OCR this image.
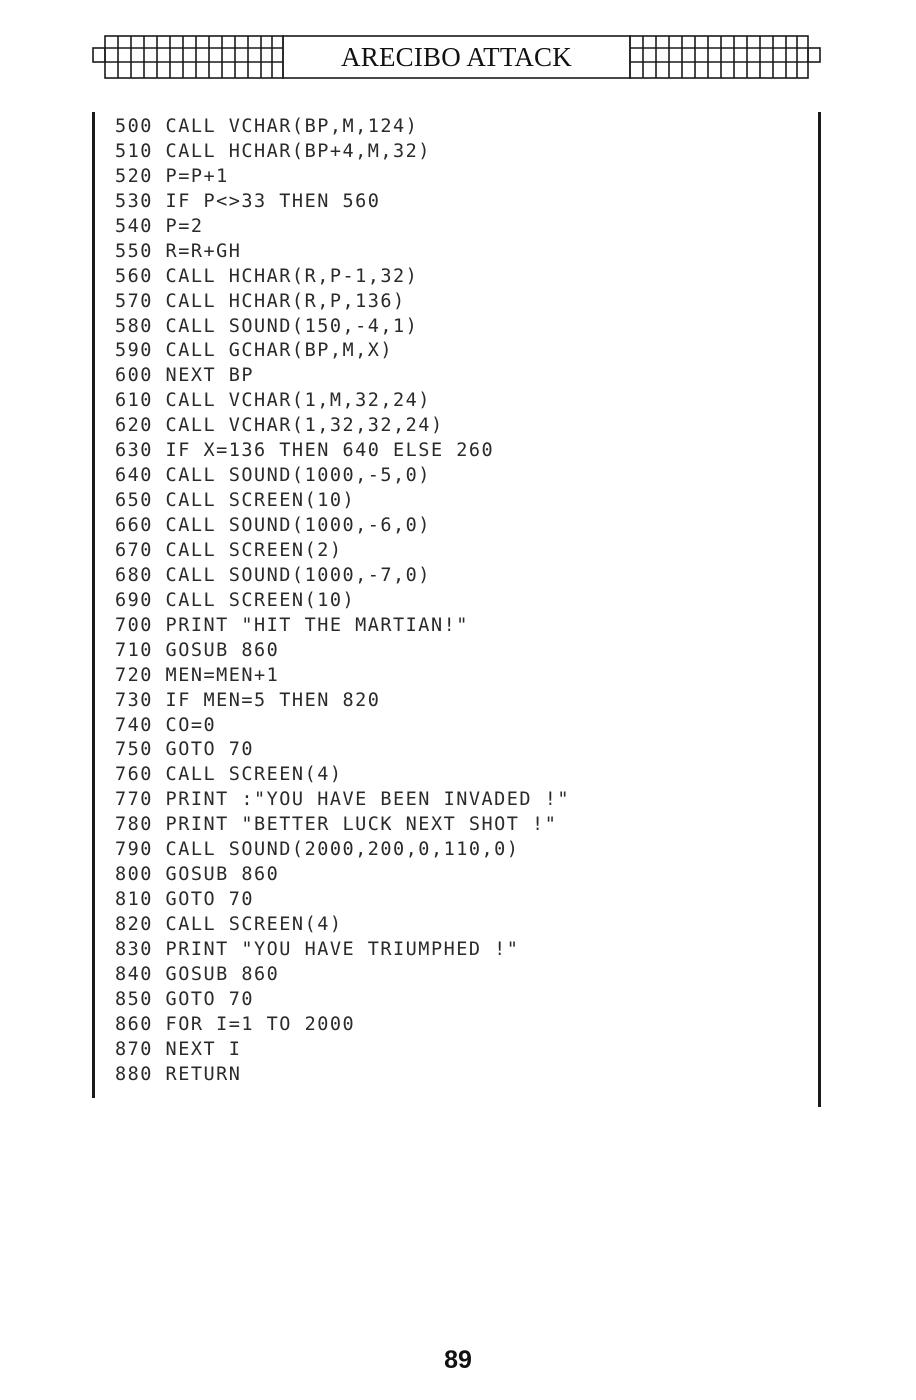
ARECIBO ATTACK
500 CALL VCHAR(BP,M,124)
510 CALL HCHAR(BP+4,M,32)
520 P=P+1
530 IF P<>33 THEN 560
540 P=2
550 R=R+GH
560 CALL HCHAR(R,P-1,32)
570 CALL HCHAR(R,P,136)
580 CALL SOUND(150,-4,1)
590 CALL GCHAR(BP,M,X)
600 NEXT BP
610 CALL VCHAR(1,M,32,24)
620 CALL VCHAR(1,32,32,24)
630 IF X=136 THEN 640 ELSE 260
640 CALL SOUND(1000,-5,0)
650 CALL SCREEN(10)
660 CALL SOUND(1000,-6,0)
670 CALL SCREEN(2)
680 CALL SOUND(1000,-7,0)
690 CALL SCREEN(10)
700 PRINT "HIT THE MARTIAN!"
710 GOSUB 860
720 MEN=MEN+1
730 IF MEN=5 THEN 820
740 CO=0
750 GOTO 70
760 CALL SCREEN(4)
770 PRINT :"YOU HAVE BEEN INVADED !"
780 PRINT "BETTER LUCK NEXT SHOT !"
790 CALL SOUND(2000,200,0,110,0)
800 GOSUB 860
810 GOTO 70
820 CALL SCREEN(4)
830 PRINT "YOU HAVE TRIUMPHED !"
840 GOSUB 860
850 GOTO 70
860 FOR I=1 TO 2000
870 NEXT I
880 RETURN
89
